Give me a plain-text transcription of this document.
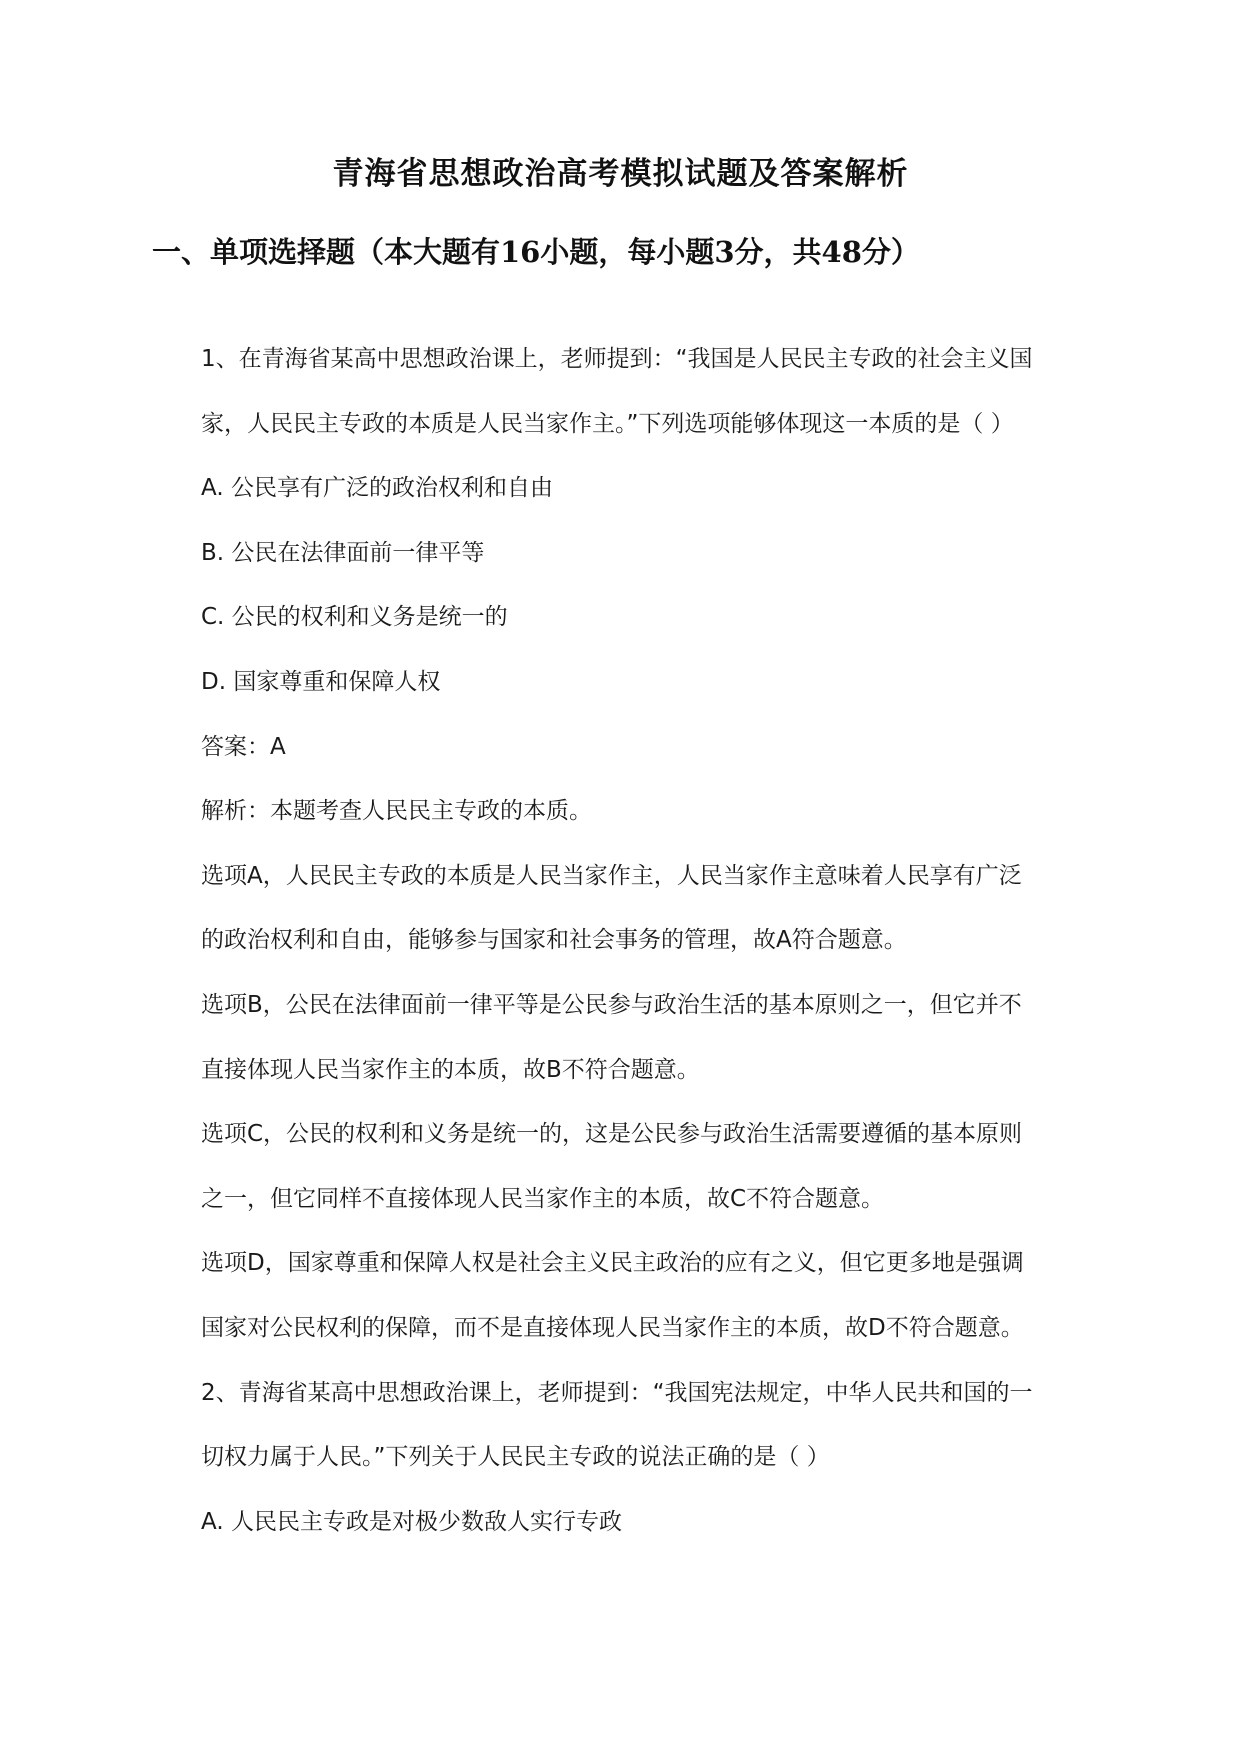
青海省思想政治高考模拟试题及答案解析
一、单项选择题（本大题有16小题，每小题3分，共48分）
1、在青海省某高中思想政治课上，老师提到：“我国是人民民主专政的社会主义国
家，人民民主专政的本质是人民当家作主。”下列选项能够体现这一本质的是（ ）
A. 公民享有广泛的政治权利和自由
B. 公民在法律面前一律平等
C. 公民的权利和义务是统一的
D. 国家尊重和保障人权
答案：A
解析：本题考查人民民主专政的本质。
选项A，人民民主专政的本质是人民当家作主，人民当家作主意味着人民享有广泛
的政治权利和自由，能够参与国家和社会事务的管理，故A符合题意。
选项B，公民在法律面前一律平等是公民参与政治生活的基本原则之一，但它并不
直接体现人民当家作主的本质，故B不符合题意。
选项C，公民的权利和义务是统一的，这是公民参与政治生活需要遵循的基本原则
之一，但它同样不直接体现人民当家作主的本质，故C不符合题意。
选项D，国家尊重和保障人权是社会主义民主政治的应有之义，但它更多地是强调
国家对公民权利的保障，而不是直接体现人民当家作主的本质，故D不符合题意。
2、青海省某高中思想政治课上，老师提到：“我国宪法规定，中华人民共和国的一
切权力属于人民。”下列关于人民民主专政的说法正确的是（ ）
A. 人民民主专政是对极少数敌人实行专政
